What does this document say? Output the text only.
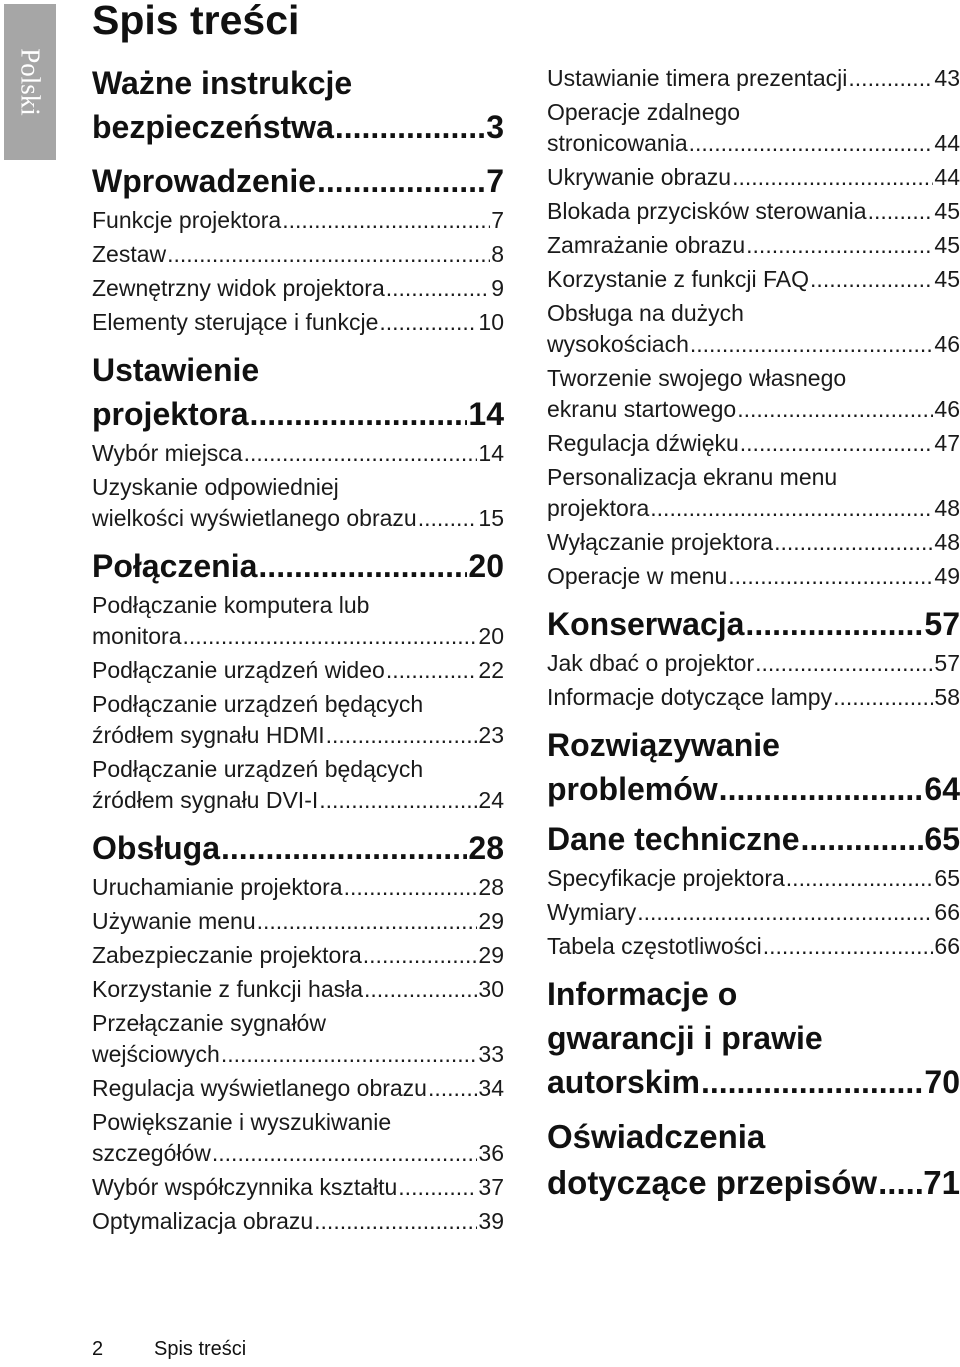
Polski
Spis treści
Ważne instrukcje
bezpieczeństwa .....	3
Wprowadzenie .....	7
Funkcje projektora .....	7
Zestaw .....	8
Zewnętrzny widok projektora .....	9
Elementy sterujące i funkcje .....	10
Ustawienie
projektora .....	14
Wybór miejsca .....	14
Uzyskanie odpowiedniej
wielkości wyświetlanego obrazu .....	15
Połączenia .....	20
Podłączanie komputera lub
monitora .....	20
Podłączanie urządzeń wideo .....	22
Podłączanie urządzeń będących
źródłem sygnału HDMI .....	23
Podłączanie urządzeń będących
źródłem sygnału DVI-I .....	24
Obsługa .....	28
Uruchamianie projektora .....	28
Używanie menu .....	29
Zabezpieczanie projektora .....	29
Korzystanie z funkcji hasła .....	30
Przełączanie sygnałów
wejściowych .....	33
Regulacja wyświetlanego obrazu ..... 34
Powiększanie i wyszukiwanie
szczegółów .....	36
Wybór współczynnika kształtu .....	37
Optymalizacja obrazu .....	39
Ustawianie timera prezentacji .....	43
Operacje zdalnego
stronicowania .....	44
Ukrywanie obrazu .....	44
Blokada przycisków sterowania .....	45
Zamrażanie obrazu .....	45
Korzystanie z funkcji FAQ .....	45
Obsługa na dużych
wysokościach .....	46
Tworzenie swojego własnego
ekranu startowego .....	46
Regulacja dźwięku .....	47
Personalizacja ekranu menu
projektora .....	48
Wyłączanie projektora .....	48
Operacje w menu .....	49
Konserwacja .....	57
Jak dbać o projektor .....	57
Informacje dotyczące lampy .....	58
Rozwiązywanie
problemów .....	64
Dane techniczne .....	65
Specyfikacje projektora .....	65
Wymiary .....	66
Tabela częstotliwości .....	66
Informacje o
gwarancji i prawie
autorskim .....	70
Oświadczenia
dotyczące przepisów ..... 71
2	Spis treści
